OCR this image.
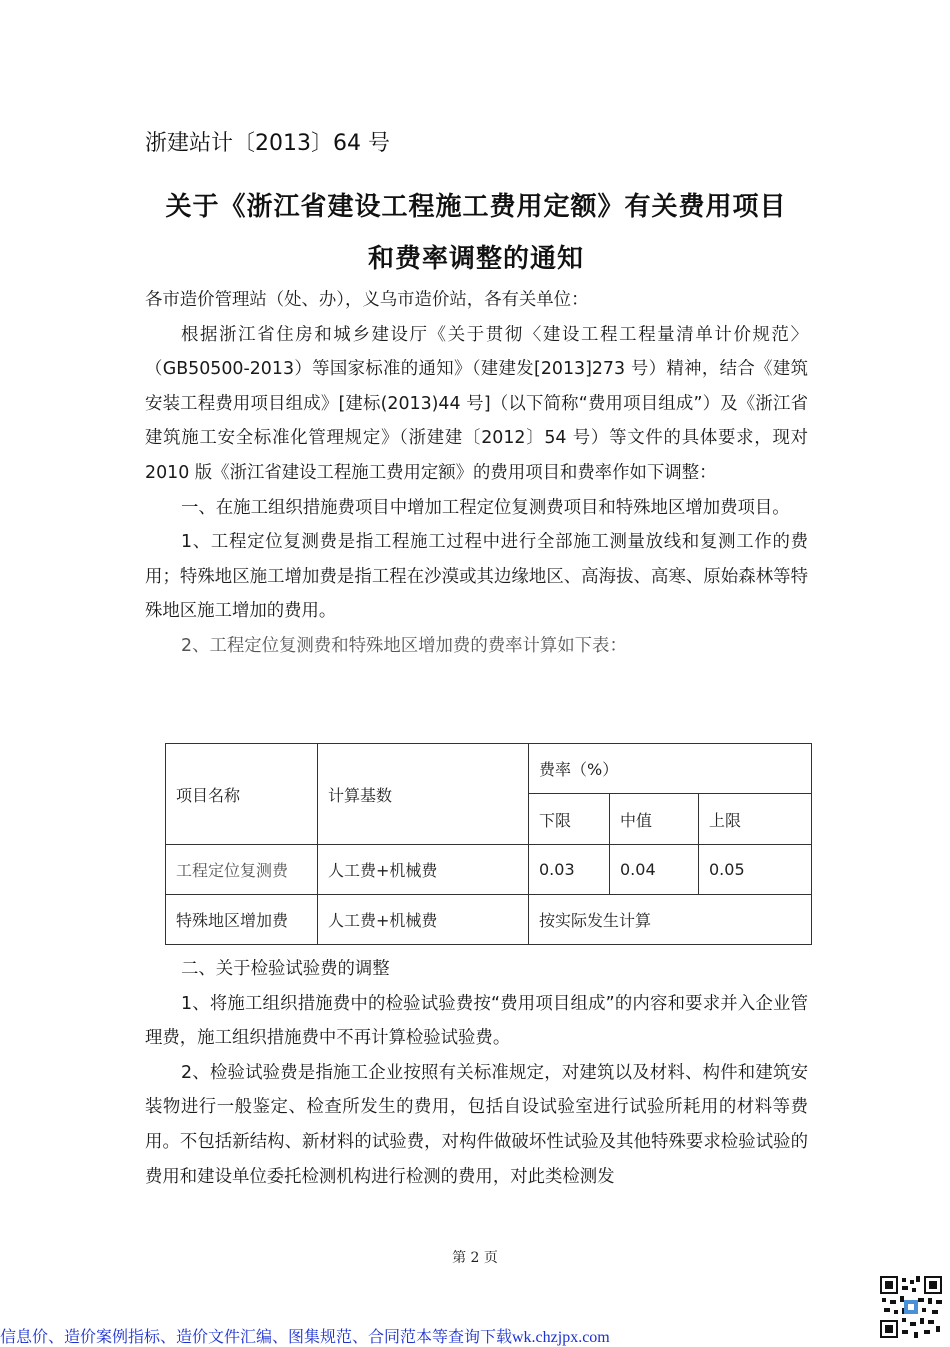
浙建站计〔2013〕64 号
关于《浙江省建设工程施工费用定额》有关费用项目
和费率调整的通知

各市造价管理站（处、办），义乌市造价站，各有关单位：

根据浙江省住房和城乡建设厅《关于贯彻〈建设工程工程量清单计价规范〉（GB50500-2013）等国家标准的通知》（建建发[2013]273 号）精神，结合《建筑安装工程费用项目组成》[建标(2013)44 号]（以下简称“费用项目组成”）及《浙江省建筑施工安全标准化管理规定》（浙建建〔2012〕54 号）等文件的具体要求，现对 2010 版《浙江省建设工程施工费用定额》的费用项目和费率作如下调整：

一、在施工组织措施费项目中增加工程定位复测费项目和特殊地区增加费项目。

1、工程定位复测费是指工程施工过程中进行全部施工测量放线和复测工作的费用；特殊地区施工增加费是指工程在沙漠或其边缘地区、高海拔、高寒、原始森林等特殊地区施工增加的费用。

2、工程定位复测费和特殊地区增加费的费率计算如下表：

项目名称	计算基数	费率（%）		
		下限	中值	上限
工程定位复测费	人工费+机械费	0.03	0.04	0.05
特殊地区增加费	人工费+机械费	按实际发生计算		

二、关于检验试验费的调整

1、将施工组织措施费中的检验试验费按“费用项目组成”的内容和要求并入企业管理费，施工组织措施费中不再计算检验试验费。

2、检验试验费是指施工企业按照有关标准规定，对建筑以及材料、构件和建筑安装物进行一般鉴定、检查所发生的费用，包括自设试验室进行试验所耗用的材料等费用。不包括新结构、新材料的试验费，对构件做破坏性试验及其他特殊要求检验试验的费用和建设单位委托检测机构进行检测的费用，对此类检测发

第 2 页
信息价、造价案例指标、造价文件汇编、图集规范、合同范本等查询下载wk.chzjpx.com
